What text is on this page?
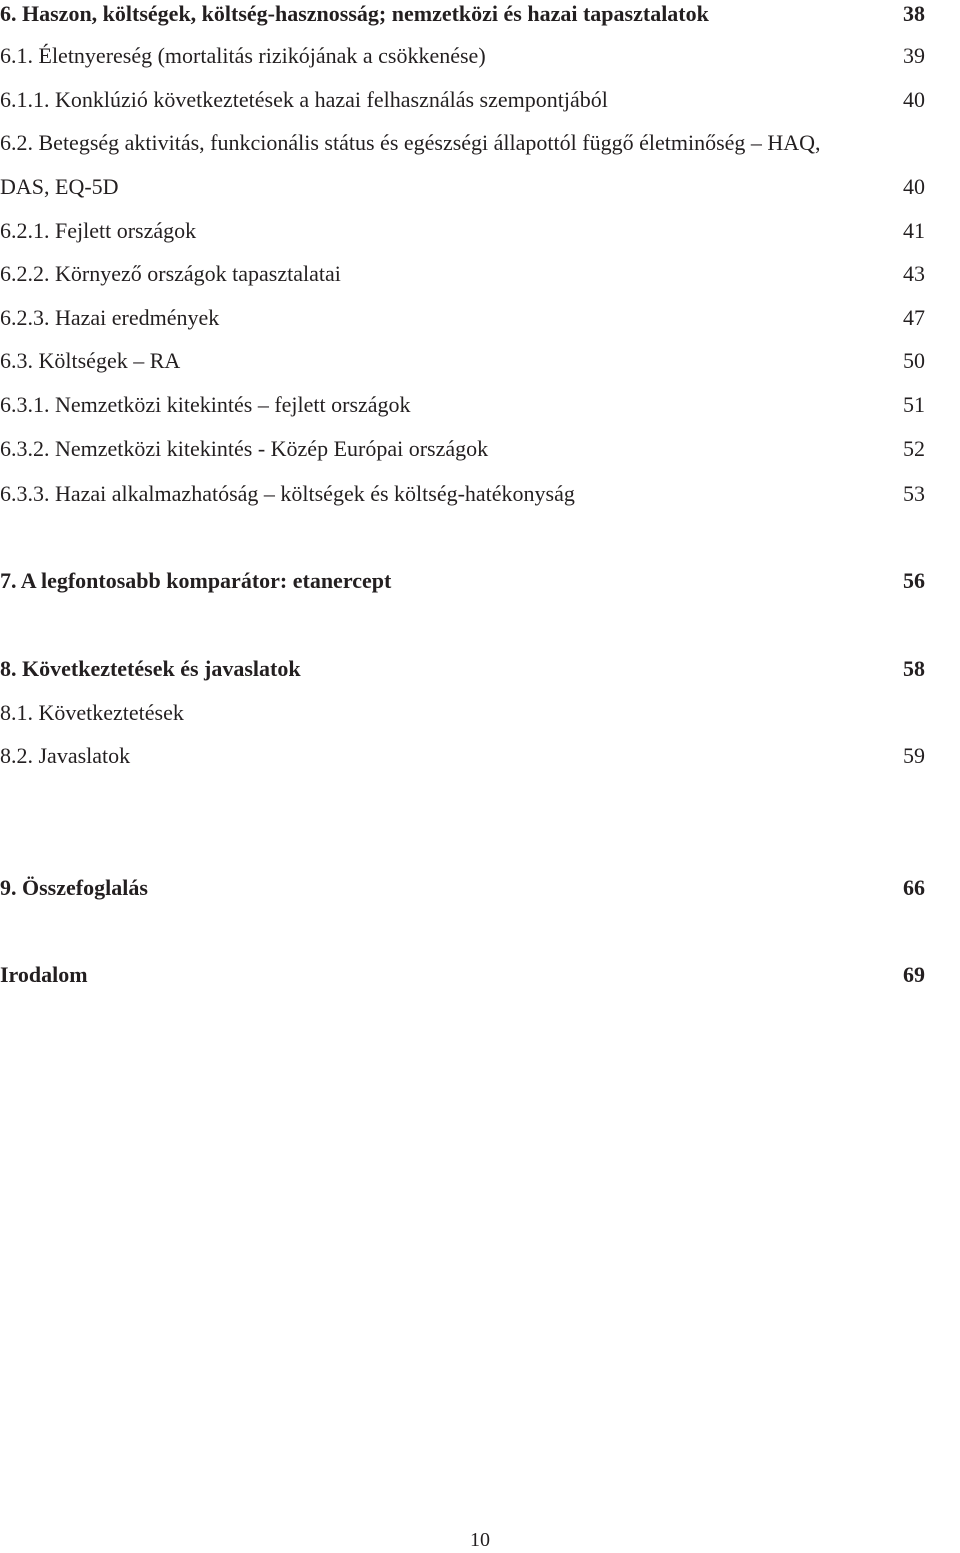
6. Haszon, költségek, költség-hasznosság; nemzetközi és hazai tapasztalatok	38
6.1. Életnyereség (mortalitás rizikójának a csökkenése)	39
6.1.1. Konklúzió következtetések a hazai felhasználás szempontjából	40
6.2. Betegség aktivitás, funkcionális státus és egészségi állapottól függő életminőség – HAQ,
DAS, EQ-5D	40
6.2.1. Fejlett országok	41
6.2.2. Környező országok tapasztalatai	43
6.2.3. Hazai eredmények	47
6.3. Költségek – RA	50
6.3.1. Nemzetközi kitekintés – fejlett országok	51
6.3.2. Nemzetközi kitekintés - Közép Európai országok	52
6.3.3. Hazai alkalmazhatóság – költségek és költség-hatékonyság	53
7. A legfontosabb komparátor: etanercept	56
8. Következtetések és javaslatok	58
8.1. Következtetések
8.2. Javaslatok	59
9. Összefoglalás	66
Irodalom	69
10
